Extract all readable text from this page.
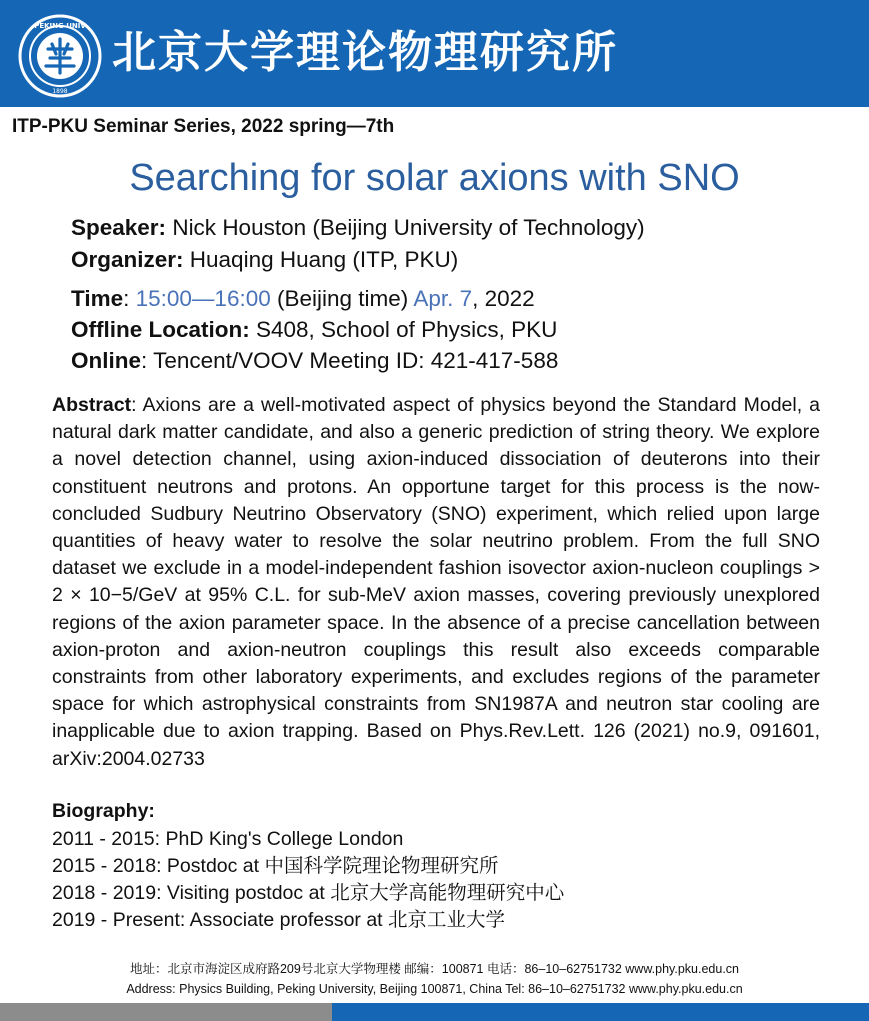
PEKING UNIV
1898
北京大学理论物理研究所
ITP-PKU Seminar Series, 2022 spring—7th
Searching for solar axions with SNO
Speaker: Nick Houston (Beijing University of Technology)
Organizer: Huaqing Huang (ITP, PKU)
Time: 15:00—16:00 (Beijing time) Apr. 7, 2022
Offline Location: S408, School of Physics, PKU
Online: Tencent/VOOV Meeting ID: 421-417-588
Abstract: Axions are a well-motivated aspect of physics beyond the Standard Model, a natural dark matter candidate, and also a generic prediction of string theory. We explore a novel detection channel, using axion-induced dissociation of deuterons into their constituent neutrons and protons. An opportune target for this process is the now-concluded Sudbury Neutrino Observatory (SNO) experiment, which relied upon large quantities of heavy water to resolve the solar neutrino problem. From the full SNO dataset we exclude in a model-independent fashion isovector axion-nucleon couplings > 2 × 10−5/GeV at 95% C.L. for sub-MeV axion masses, covering previously unexplored regions of the axion parameter space. In the absence of a precise cancellation between axion-proton and axion-neutron couplings this result also exceeds comparable constraints from other laboratory experiments, and excludes regions of the parameter space for which astrophysical constraints from SN1987A and neutron star cooling are inapplicable due to axion trapping. Based on Phys.Rev.Lett. 126 (2021) no.9, 091601, arXiv:2004.02733
Biography:
2011 - 2015: PhD King's College London
2015 - 2018: Postdoc at 中国科学院理论物理研究所
2018 - 2019: Visiting postdoc at 北京大学高能物理研究中心
2019 - Present: Associate professor at 北京工业大学
地址：北京市海淀区成府路209号北京大学物理楼 邮编：100871 电话：86–10–62751732 www.phy.pku.edu.cn
Address: Physics Building, Peking University, Beijing 100871, China Tel: 86–10–62751732 www.phy.pku.edu.cn
